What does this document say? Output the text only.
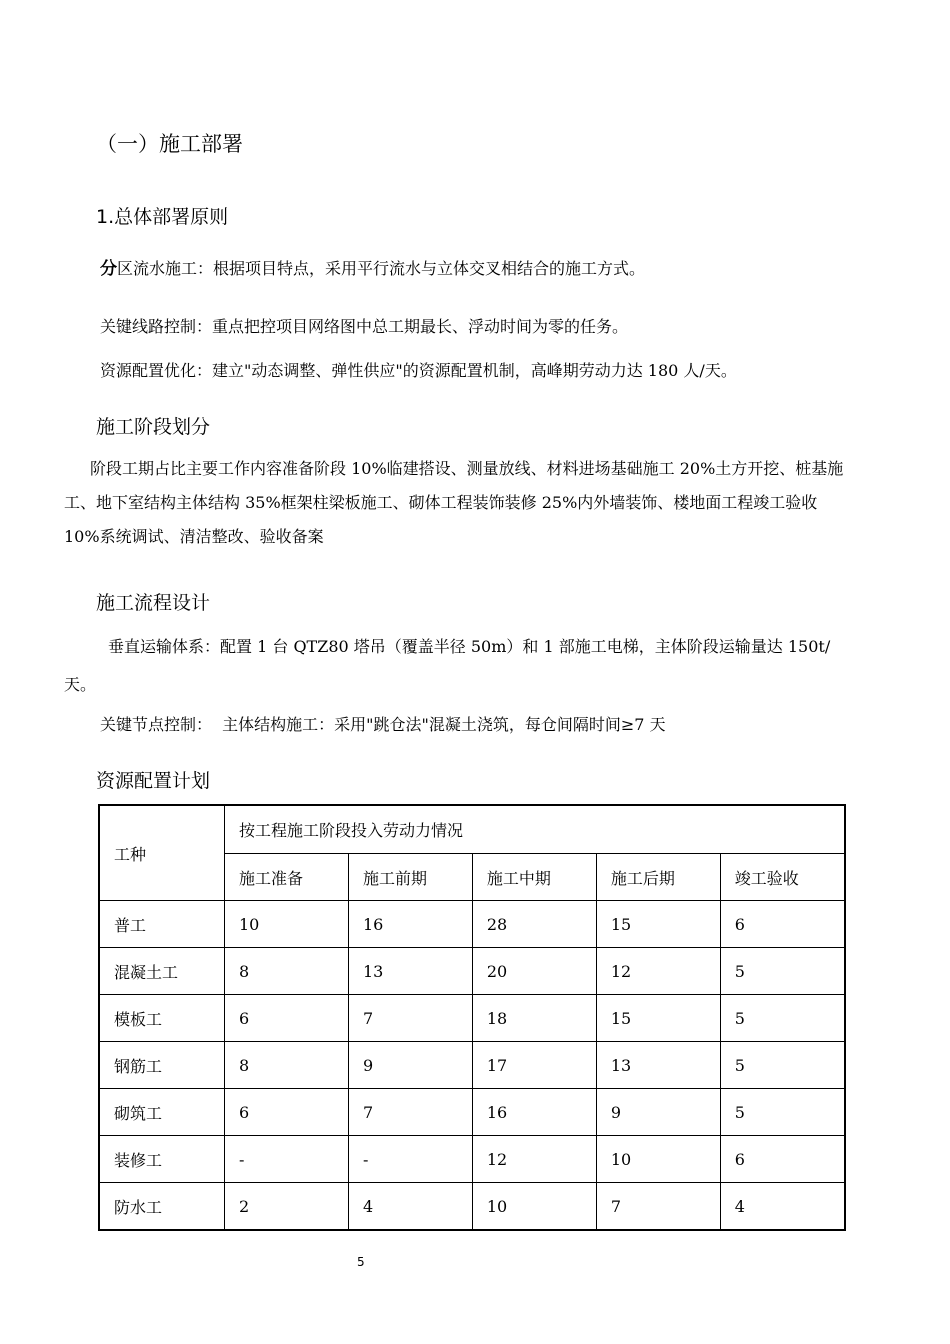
（一）施工部署
1.总体部署原则
分区流水施工：根据项目特点，采用平行流水与立体交叉相结合的施工方式。
关键线路控制：重点把控项目网络图中总工期最长、浮动时间为零的任务。
资源配置优化：建立"动态调整、弹性供应"的资源配置机制，高峰期劳动力达 180 人/天。
施工阶段划分
阶段工期占比主要工作内容准备阶段 10%临建搭设、测量放线、材料进场基础施工 20%土方开挖、桩基施工、地下室结构主体结构 35%框架柱梁板施工、砌体工程装饰装修 25%内外墙装饰、楼地面工程竣工验收 10%系统调试、清洁整改、验收备案
施工流程设计
垂直运输体系：配置 1 台 QTZ80 塔吊（覆盖半径 50m）和 1 部施工电梯，主体阶段运输量达 150t/天。
关键节点控制：  主体结构施工：采用"跳仓法"混凝土浇筑，每仓间隔时间≥7 天
资源配置计划
工种	按工程施工阶段投入劳动力情况				
	施工准备	施工前期	施工中期	施工后期	竣工验收
普工	10	16	28	15	6
混凝土工	8	13	20	12	5
模板工	6	7	18	15	5
钢筋工	8	9	17	13	5
砌筑工	6	7	16	9	5
装修工	-	-	12	10	6
防水工	2	4	10	7	4
5
